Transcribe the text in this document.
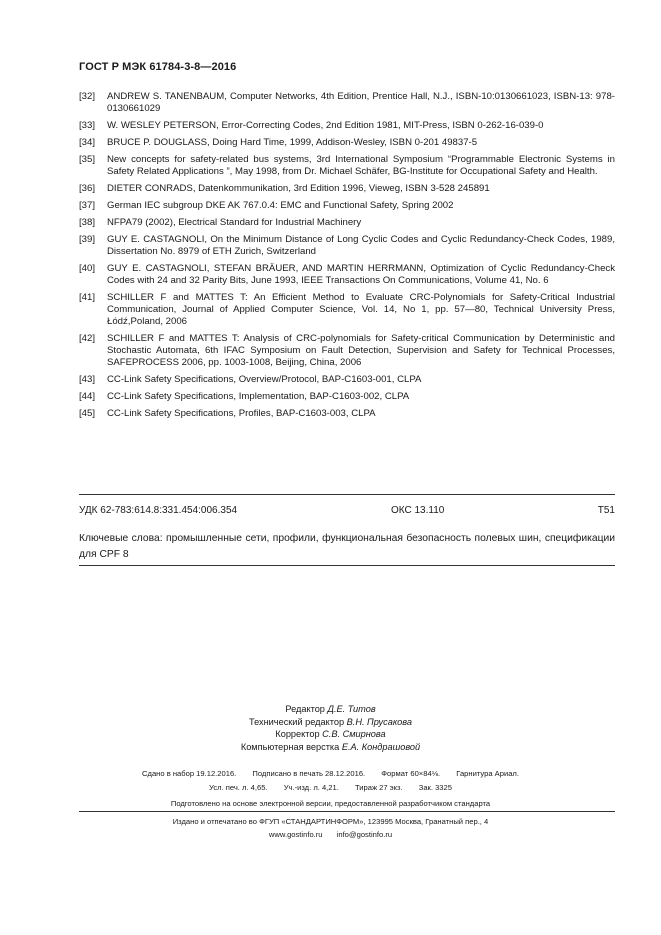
ГОСТ Р МЭК 61784-3-8—2016
[32] ANDREW S. TANENBAUM, Computer Networks, 4th Edition, Prentice Hall, N.J., ISBN-10:0130661023, ISBN-13: 978-0130661029
[33] W. WESLEY PETERSON, Error-Correcting Codes, 2nd Edition 1981, MIT-Press, ISBN 0-262-16-039-0
[34] BRUCE P. DOUGLASS, Doing Hard Time, 1999, Addison-Wesley, ISBN 0-201 49837-5
[35] New concepts for safety-related bus systems, 3rd International Symposium “Programmable Electronic Systems in Safety Related Applications ”, May 1998, from Dr. Michael Schäfer, BG-Institute for Occupational Safety and Health.
[36] DIETER CONRADS, Datenkommunikation, 3rd Edition 1996, Vieweg, ISBN 3-528 245891
[37] German IEC subgroup DKE AK 767.0.4: EMC and Functional Safety, Spring 2002
[38] NFPA79 (2002), Electrical Standard for Industrial Machinery
[39] GUY E. CASTAGNOLI, On the Minimum Distance of Long Cyclic Codes and Cyclic Redundancy-Check Codes, 1989, Dissertation No. 8979 of ETH Zurich, Switzerland
[40] GUY E. CASTAGNOLI, STEFAN BRÄUER, AND MARTIN HERRMANN, Optimization of Cyclic Redundancy-Check Codes with 24 and 32 Parity Bits, June 1993, IEEE Transactions On Communications, Volume 41, No. 6
[41] SCHILLER F and MATTES T: An Efficient Method to Evaluate CRC-Polynomials for Safety-Critical Industrial Communication, Journal of Applied Computer Science, Vol. 14, No 1, pp. 57—80, Technical University Press, Łódź,Poland, 2006
[42] SCHILLER F and MATTES T: Analysis of CRC-polynomials for Safety-critical Communication by Deterministic and Stochastic Automata, 6th IFAC Symposium on Fault Detection, Supervision and Safety for Technical Processes, SAFEPROCESS 2006, pp. 1003-1008, Beijing, China, 2006
[43] CC-Link Safety Specifications, Overview/Protocol, BAP-C1603-001, CLPA
[44] CC-Link Safety Specifications, Implementation, BAP-C1603-002, CLPA
[45] CC-Link Safety Specifications, Profiles, BAP-C1603-003, CLPA
УДК 62-783:614.8:331.454:006.354	ОКС 13.110	T51
Ключевые слова: промышленные сети, профили, функциональная безопасность полевых шин, спецификации для CPF 8
Редактор Д.Е. Титов
Технический редактор В.Н. Прусакова
Корректор С.В. Смирнова
Компьютерная верстка Е.А. Кондрашовой
Сдано в набор 19.12.2016. Подписано в печать 28.12.2016. Формат 60×84⅛. Гарнитура Ариал.
Усл. печ. л. 4,65. Уч.-изд. л. 4,21. Тираж 27 экз. Зак. 3325
Подготовлено на основе электронной версии, предоставленной разработчиком стандарта
Издано и отпечатано во ФГУП «СТАНДАРТИНФОРМ», 123995 Москва, Гранатный пер., 4
www.gostinfo.ru info@gostinfo.ru
